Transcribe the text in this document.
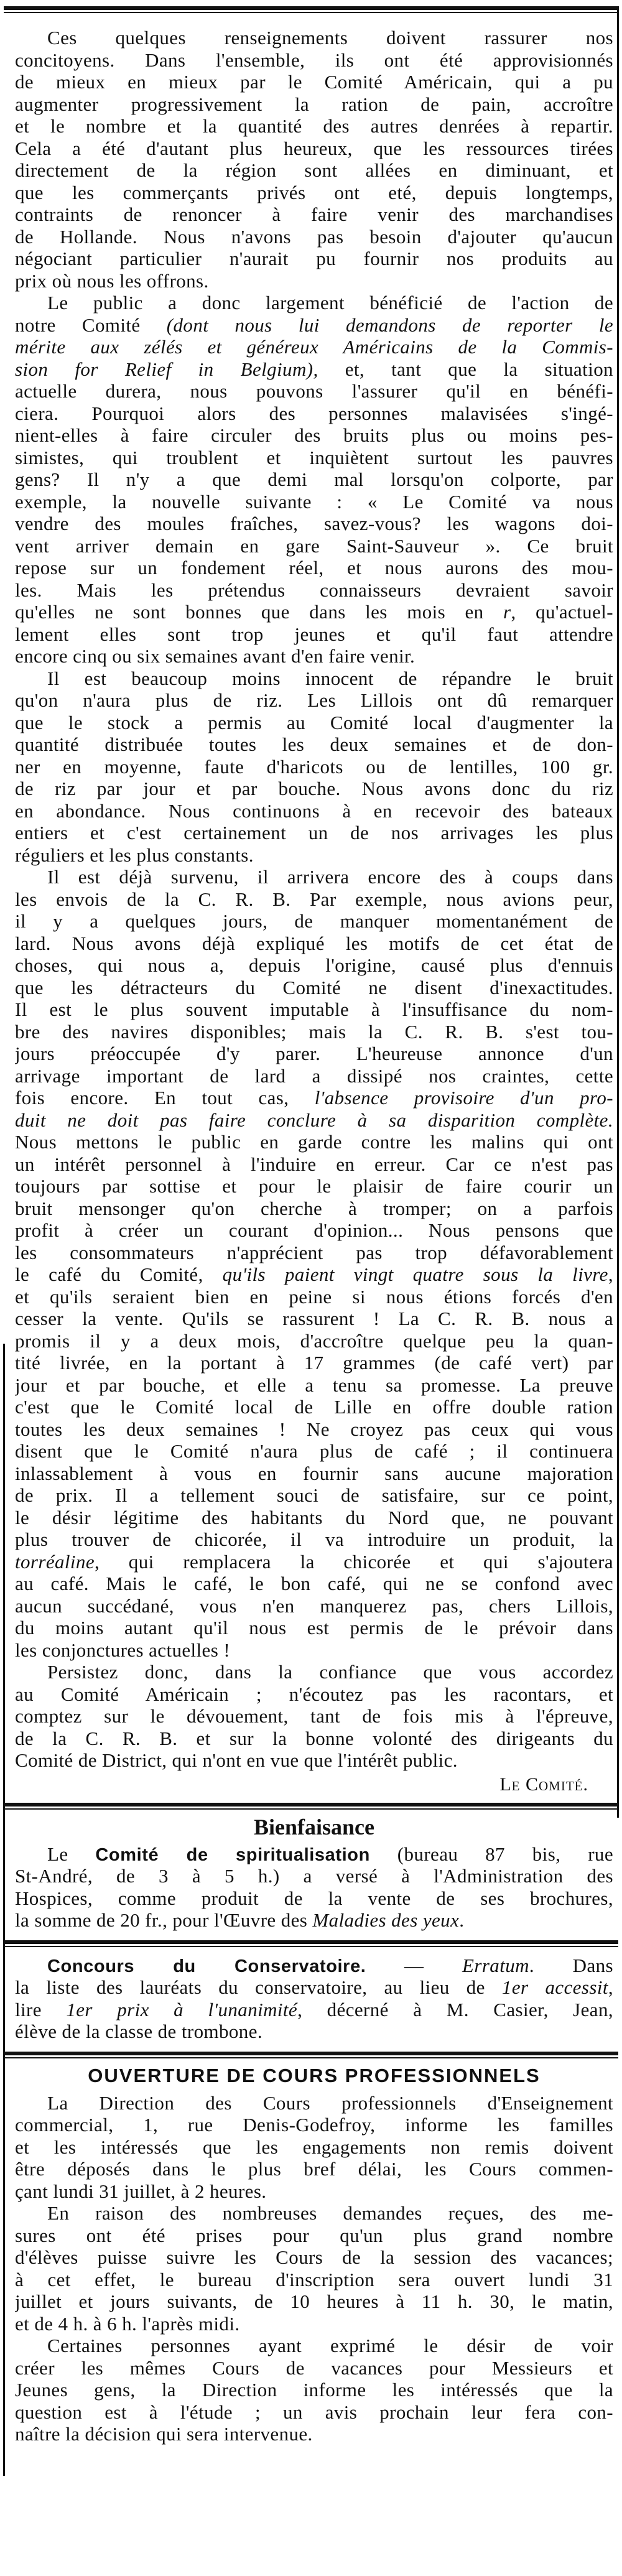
Ces quelques renseignements doivent rassurer nos
concitoyens. Dans l'ensemble, ils ont été approvisionnés
de mieux en mieux par le Comité Américain, qui a pu
augmenter progressivement la ration de pain, accroître
et le nombre et la quantité des autres denrées à repartir.
Cela a été d'autant plus heureux, que les ressources tirées
directement de la région sont allées en diminuant, et
que les commerçants privés ont eté, depuis longtemps,
contraints de renoncer à faire venir des marchandises
de Hollande. Nous n'avons pas besoin d'ajouter qu'aucun
négociant particulier n'aurait pu fournir nos produits au
prix où nous les offrons.
Le public a donc largement bénéficié de l'action de
notre Comité (dont nous lui demandons de reporter le
mérite aux zélés et généreux Américains de la Commis-
sion for Relief in Belgium), et, tant que la situation
actuelle durera, nous pouvons l'assurer qu'il en bénéfi-
ciera. Pourquoi alors des personnes malavisées s'ingé-
nient-elles à faire circuler des bruits plus ou moins pes-
simistes, qui troublent et inquiètent surtout les pauvres
gens? Il n'y a que demi mal lorsqu'on colporte, par
exemple, la nouvelle suivante : « Le Comité va nous
vendre des moules fraîches, savez-vous? les wagons doi-
vent arriver demain en gare Saint-Sauveur ». Ce bruit
repose sur un fondement réel, et nous aurons des mou-
les. Mais les prétendus connaisseurs devraient savoir
qu'elles ne sont bonnes que dans les mois en r, qu'actuel-
lement elles sont trop jeunes et qu'il faut attendre
encore cinq ou six semaines avant d'en faire venir.
Il est beaucoup moins innocent de répandre le bruit
qu'on n'aura plus de riz. Les Lillois ont dû remarquer
que le stock a permis au Comité local d'augmenter la
quantité distribuée toutes les deux semaines et de don-
ner en moyenne, faute d'haricots ou de lentilles, 100 gr.
de riz par jour et par bouche. Nous avons donc du riz
en abondance. Nous continuons à en recevoir des bateaux
entiers et c'est certainement un de nos arrivages les plus
réguliers et les plus constants.
Il est déjà survenu, il arrivera encore des à coups dans
les envois de la C. R. B. Par exemple, nous avions peur,
il y a quelques jours, de manquer momentanément de
lard. Nous avons déjà expliqué les motifs de cet état de
choses, qui nous a, depuis l'origine, causé plus d'ennuis
que les détracteurs du Comité ne disent d'inexactitudes.
Il est le plus souvent imputable à l'insuffisance du nom-
bre des navires disponibles; mais la C. R. B. s'est tou-
jours préoccupée d'y parer. L'heureuse annonce d'un
arrivage important de lard a dissipé nos craintes, cette
fois encore. En tout cas, l'absence provisoire d'un pro-
duit ne doit pas faire conclure à sa disparition complète.
Nous mettons le public en garde contre les malins qui ont
un intérêt personnel à l'induire en erreur. Car ce n'est pas
toujours par sottise et pour le plaisir de faire courir un
bruit mensonger qu'on cherche à tromper; on a parfois
profit à créer un courant d'opinion... Nous pensons que
les consommateurs n'apprécient pas trop défavorablement
le café du Comité, qu'ils paient vingt quatre sous la livre,
et qu'ils seraient bien en peine si nous étions forcés d'en
cesser la vente. Qu'ils se rassurent ! La C. R. B. nous a
promis il y a deux mois, d'accroître quelque peu la quan-
tité livrée, en la portant à 17 grammes (de café vert) par
jour et par bouche, et elle a tenu sa promesse. La preuve
c'est que le Comité local de Lille en offre double ration
toutes les deux semaines ! Ne croyez pas ceux qui vous
disent que le Comité n'aura plus de café ; il continuera
inlassablement à vous en fournir sans aucune majoration
de prix. Il a tellement souci de satisfaire, sur ce point,
le désir légitime des habitants du Nord que, ne pouvant
plus trouver de chicorée, il va introduire un produit, la
torréaline, qui remplacera la chicorée et qui s'ajoutera
au café. Mais le café, le bon café, qui ne se confond avec
aucun succédané, vous n'en manquerez pas, chers Lillois,
du moins autant qu'il nous est permis de le prévoir dans
les conjonctures actuelles !
Persistez donc, dans la confiance que vous accordez
au Comité Américain ; n'écoutez pas les racontars, et
comptez sur le dévouement, tant de fois mis à l'épreuve,
de la C. R. B. et sur la bonne volonté des dirigeants du
Comité de District, qui n'ont en vue que l'intérêt public.
Le Comité.
Bienfaisance
Le Comité de spiritualisation (bureau 87 bis, rue
St-André, de 3 à 5 h.) a versé à l'Administration des
Hospices, comme produit de la vente de ses brochures,
la somme de 20 fr., pour l'Œuvre des Maladies des yeux.
Concours du Conservatoire. — Erratum. Dans
la liste des lauréats du conservatoire, au lieu de 1er accessit,
lire 1er prix à l'unanimité, décerné à M. Casier, Jean,
élève de la classe de trombone.
OUVERTURE DE COURS PROFESSIONNELS
La Direction des Cours professionnels d'Enseignement
commercial, 1, rue Denis-Godefroy, informe les familles
et les intéressés que les engagements non remis doivent
être déposés dans le plus bref délai, les Cours commen-
çant lundi 31 juillet, à 2 heures.
En raison des nombreuses demandes reçues, des me-
sures ont été prises pour qu'un plus grand nombre
d'élèves puisse suivre les Cours de la session des vacances;
à cet effet, le bureau d'inscription sera ouvert lundi 31
juillet et jours suivants, de 10 heures à 11 h. 30, le matin,
et de 4 h. à 6 h. l'après midi.
Certaines personnes ayant exprimé le désir de voir
créer les mêmes Cours de vacances pour Messieurs et
Jeunes gens, la Direction informe les intéressés que la
question est à l'étude ; un avis prochain leur fera con-
naître la décision qui sera intervenue.
